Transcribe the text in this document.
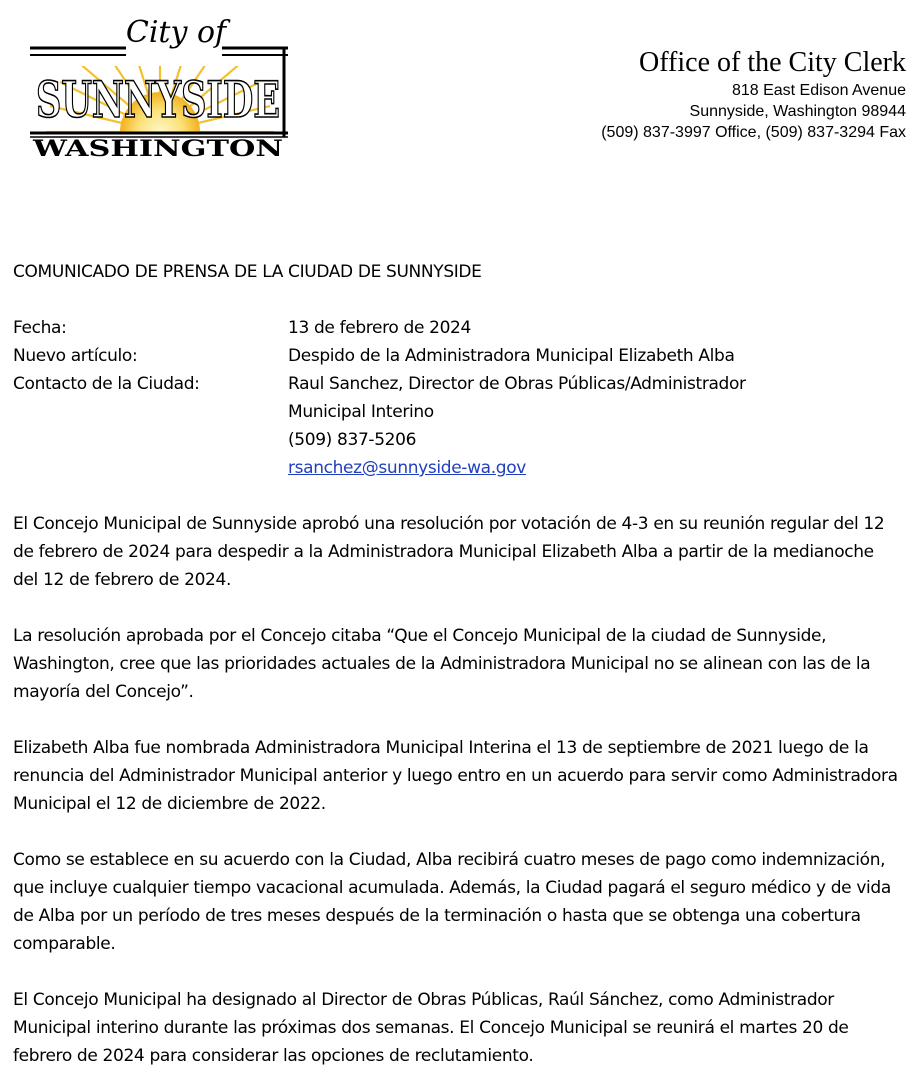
City of
SUNNYSIDE
WASHINGTON
Office of the City Clerk
818 East Edison Avenue
Sunnyside, Washington 98944
(509) 837-3997 Office, (509) 837-3294 Fax

COMUNICADO DE PRENSA DE LA CIUDAD DE SUNNYSIDE

Fecha:	13 de febrero de 2024
Nuevo artículo:	Despido de la Administradora Municipal Elizabeth Alba
Contacto de la Ciudad:	Raul Sanchez, Director de Obras Públicas/Administrador
Municipal Interino
(509) 837-5206
rsanchez@sunnyside-wa.gov

El Concejo Municipal de Sunnyside aprobó una resolución por votación de 4-3 en su reunión regular del 12 de febrero de 2024 para despedir a la Administradora Municipal Elizabeth Alba a partir de la medianoche del 12 de febrero de 2024.

La resolución aprobada por el Concejo citaba “Que el Concejo Municipal de la ciudad de Sunnyside, Washington, cree que las prioridades actuales de la Administradora Municipal no se alinean con las de la mayoría del Concejo”.

Elizabeth Alba fue nombrada Administradora Municipal Interina el 13 de septiembre de 2021 luego de la renuncia del Administrador Municipal anterior y luego entro en un acuerdo para servir como Administradora Municipal el 12 de diciembre de 2022.

Como se establece en su acuerdo con la Ciudad, Alba recibirá cuatro meses de pago como indemnización, que incluye cualquier tiempo vacacional acumulada. Además, la Ciudad pagará el seguro médico y de vida de Alba por un período de tres meses después de la terminación o hasta que se obtenga una cobertura comparable.

El Concejo Municipal ha designado al Director de Obras Públicas, Raúl Sánchez, como Administrador Municipal interino durante las próximas dos semanas. El Concejo Municipal se reunirá el martes 20 de febrero de 2024 para considerar las opciones de reclutamiento.
